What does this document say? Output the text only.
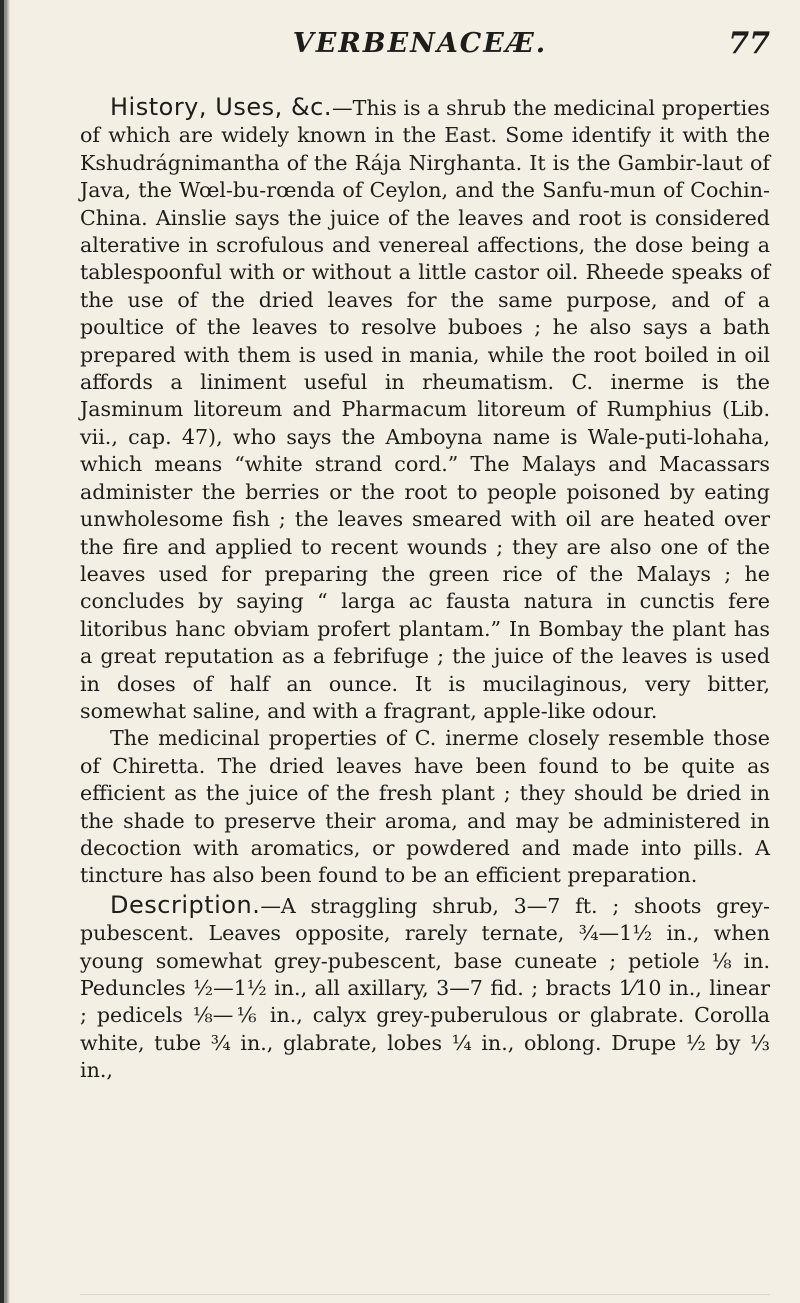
VERBENACEÆ.	77

History, Uses, &c.—This is a shrub the medicinal properties of which are widely known in the East. Some identify it with the Kshudrágnimantha of the Rája Nirghanta. It is the Gambir-laut of Java, the Wœl-bu-rœnda of Ceylon, and the Sanfu-mun of Cochin-China. Ainslie says the juice of the leaves and root is considered alterative in scrofulous and venereal affections, the dose being a tablespoonful with or without a little castor oil. Rheede speaks of the use of the dried leaves for the same purpose, and of a poultice of the leaves to resolve buboes ; he also says a bath prepared with them is used in mania, while the root boiled in oil affords a liniment useful in rheumatism. C. inerme is the Jasminum litoreum and Pharmacum litoreum of Rumphius (Lib. vii., cap. 47), who says the Amboyna name is Wale-puti-lohaha, which means “white strand cord.” The Malays and Macassars administer the berries or the root to people poisoned by eating unwholesome fish ; the leaves smeared with oil are heated over the fire and applied to recent wounds ; they are also one of the leaves used for preparing the green rice of the Malays ; he concludes by saying “ larga ac fausta natura in cunctis fere litoribus hanc obviam profert plantam.” In Bombay the plant has a great reputation as a febrifuge ; the juice of the leaves is used in doses of half an ounce. It is mucilaginous, very bitter, somewhat saline, and with a fragrant, apple-like odour.

The medicinal properties of C. inerme closely resemble those of Chiretta. The dried leaves have been found to be quite as efficient as the juice of the fresh plant ; they should be dried in the shade to preserve their aroma, and may be administered in decoction with aromatics, or powdered and made into pills. A tincture has also been found to be an efficient preparation.

Description.—A straggling shrub, 3—7 ft. ; shoots grey-pubescent. Leaves opposite, rarely ternate, ¾—1½ in., when young somewhat grey-pubescent, base cuneate ; petiole ⅛ in. Peduncles ½—1½ in., all axillary, 3—7 fid. ; bracts 1⁄10 in., linear ; pedicels ⅛—⅙ in., calyx grey-puberulous or glabrate. Corolla white, tube ¾ in., glabrate, lobes ¼ in., oblong. Drupe ½ by ⅓ in.,
